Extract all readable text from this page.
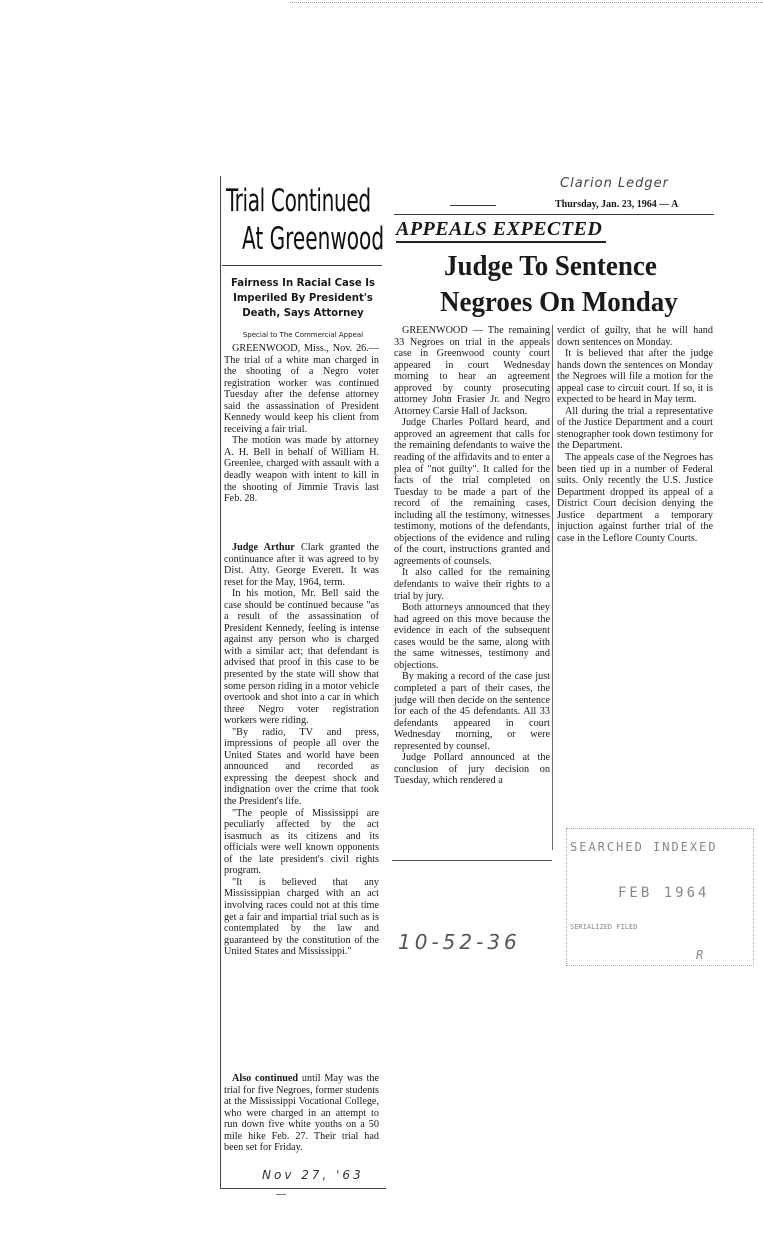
Trial Continued
At Greenwood
Fairness In Racial Case Is Imperiled By President's Death, Says Attorney
Special to The Commercial Appeal

GREENWOOD, Miss., Nov. 26.—The trial of a white man charged in the shooting of a Negro voter registration worker was continued Tuesday after the defense attorney said the assassination of President Kennedy would keep his client from receiving a fair trial.

The motion was made by attorney A. H. Bell in behalf of William H. Greenlee, charged with assault with a deadly weapon with intent to kill in the shooting of Jimmie Travis last Feb. 28.

Judge Arthur Clark granted the continuance after it was agreed to by Dist. Atty. George Everett. It was reset for the May, 1964, term.

In his motion, Mr. Bell said the case should be continued because "as a result of the assassination of President Kennedy, feeling is intense against any person who is charged with a similar act; that defendant is advised that proof in this case to be presented by the state will show that some person riding in a motor vehicle overtook and shot into a car in which three Negro voter registration workers were riding.

"By radio, TV and press, impressions of people all over the United States and world have been announced and recorded as expressing the deepest shock and indignation over the crime that took the President's life.

"The people of Mississippi are peculiarly affected by the act isasmuch as its citizens and its officials were well known opponents of the late president's civil rights program.

"It is believed that any Mississippian charged with an act involving races could not at this time get a fair and impartial trial such as is contemplated by the law and guaranteed by the constitution of the United States and Mississippi."

Also continued until May was the trial for five Negroes, former students at the Mississippi Vocational College, who were charged in an attempt to run down five white youths on a 50 mile hike Feb. 27. Their trial had been set for Friday.

Nov 27, '63
Clarion Ledger
Thursday, Jan. 23, 1964 — A
APPEALS EXPECTED
Judge To Sentence
Negroes On Monday

GREENWOOD — The remaining 33 Negroes on trial in the appeals case in Greenwood county court appeared in court Wednesday morning to hear an agreement approved by county prosecuting attorney John Frasier Jr. and Negro Attorney Carsie Hall of Jackson.

Judge Charles Pollard heard, and approved an agreement that calls for the remaining defendants to waive the reading of the affidavits and to enter a plea of "not guilty". It called for the facts of the trial completed on Tuesday to be made a part of the record of the remaining cases, including all the testimony, witnesses testimony, motions of the defendants, objections of the evidence and ruling of the court, instructions granted and agreements of counsels.

It also called for the remaining defendants to waive their rights to a trial by jury.

Both attorneys announced that they had agreed on this move because the evidence in each of the subsequent cases would be the same, along with the same witnesses, testimony and objections.

By making a record of the case just completed a part of their cases, the judge will then decide on the sentence for each of the 45 defendants. All 33 defendants appeared in court Wednesday morning, or were represented by counsel.

Judge Pollard announced at the conclusion of jury decision on Tuesday, which rendered a

verdict of guilty, that he will hand down sentences on Monday.

It is believed that after the judge hands down the sentences on Monday the Negroes will file a motion for the appeal case to circuit court. If so, it is expected to be heard in May term.

All during the trial a representative of the Justice Department and a court stenographer took down testimony for the Department.

The appeals case of the Negroes has been tied up in a number of Federal suits. Only recently the U.S. Justice Department dropped its appeal of a District Court decision denying the Justice department a temporary injuction against further trial of the case in the Leflore County Courts.

10-52-36
SEARCHED INDEXED
FEB 1964
SERIALIZED FILED
R
